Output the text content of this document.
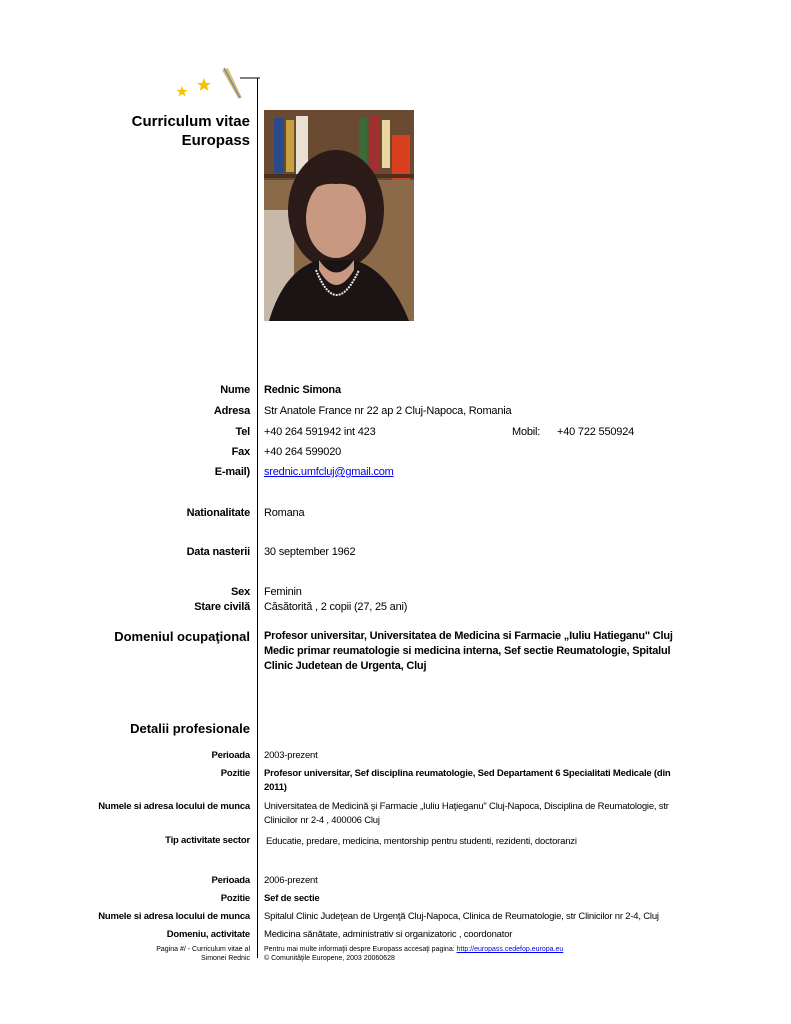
Curriculum vitae
Europass
Nume Rednic Simona
Adresa Str Anatole France nr 22 ap 2 Cluj-Napoca, Romania
Tel +40 264 591942 int 423	Mobil: +40 722 550924
Fax +40 264 599020
E-mail) srednic.umfcluj@gmail.com
Nationalitate Romana
Data nasterii 30 september 1962
Sex Feminin
Stare civilă Căsătorită , 2 copii (27, 25 ani)
Domeniul ocupaţional Profesor universitar, Universitatea de Medicina si Farmacie „Iuliu Hatieganu" Cluj
Medic primar reumatologie si medicina interna, Sef sectie Reumatologie, Spitalul
Clinic Judetean de Urgenta, Cluj
Detalii profesionale
Perioada 2003-prezent
Pozitie Profesor universitar, Sef disciplina reumatologie, Sed Departament 6 Specialitati Medicale (din
2011)
Numele si adresa locului de munca Universitatea de Medicină şi Farmacie „Iuliu Haţieganu" Cluj-Napoca, Disciplina de Reumatologie, str
Clinicilor nr 2-4 , 400006 Cluj
Tip activitate sector Educatie, predare, medicina, mentorship pentru studenti, rezidenti, doctoranzi
Perioada 2006-prezent
Pozitie Sef de sectie
Numele si adresa locului de munca Spitalul Clinic Judeţean de Urgenţă Cluj-Napoca, Clinica de Reumatologie, str Clinicilor nr 2-4, Cluj
Domeniu, activitate Medicina sănătate, administrativ si organizatoric , coordonator
Pagina #/ - Curriculum vitae al
Simonei Rednic
Pentru mai multe informaţii despre Europass accesaţi pagina: http://europass.cedefop.europa.eu
© Comunităţile Europene, 2003 20060628
